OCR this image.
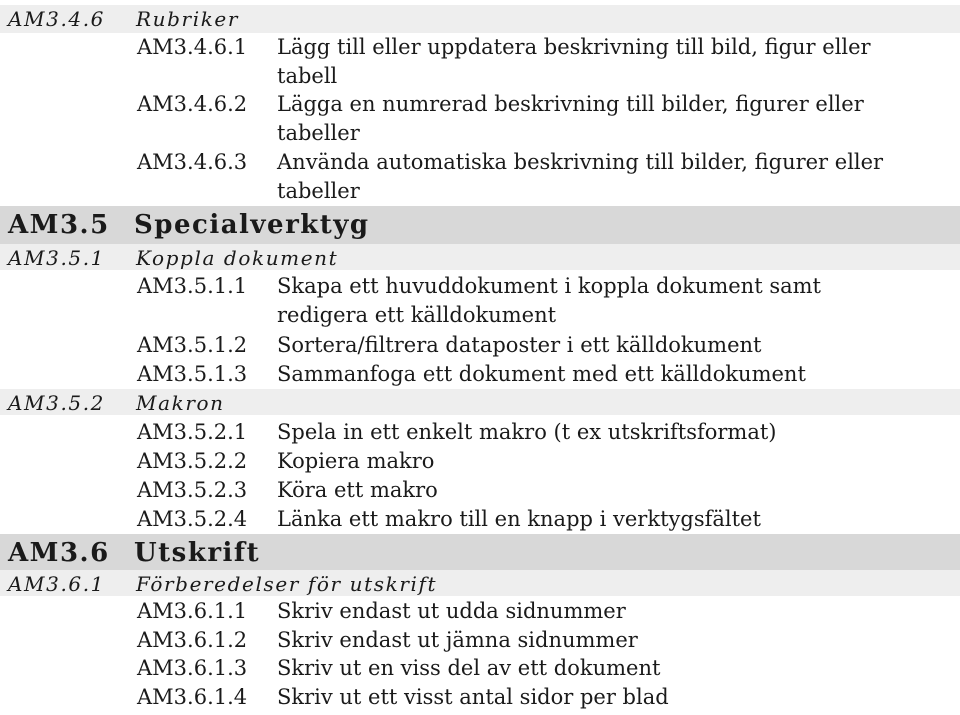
AM3.4.6 Rubriker
AM3.4.6.1 Lägg till eller uppdatera beskrivning till bild, figur eller
tabell
AM3.4.6.2 Lägga en numrerad beskrivning till bilder, figurer eller
tabeller
AM3.4.6.3 Använda automatiska beskrivning till bilder, figurer eller
tabeller
AM3.5 Specialverktyg
AM3.5.1 Koppla dokument
AM3.5.1.1 Skapa ett huvuddokument i koppla dokument samt
redigera ett källdokument
AM3.5.1.2 Sortera/filtrera dataposter i ett källdokument
AM3.5.1.3 Sammanfoga ett dokument med ett källdokument
AM3.5.2 Makron
AM3.5.2.1 Spela in ett enkelt makro (t ex utskriftsformat)
AM3.5.2.2 Kopiera makro
AM3.5.2.3 Köra ett makro
AM3.5.2.4 Länka ett makro till en knapp i verktygsfältet
AM3.6 Utskrift
AM3.6.1 Förberedelser för utskrift
AM3.6.1.1 Skriv endast ut udda sidnummer
AM3.6.1.2 Skriv endast ut jämna sidnummer
AM3.6.1.3 Skriv ut en viss del av ett dokument
AM3.6.1.4 Skriv ut ett visst antal sidor per blad
